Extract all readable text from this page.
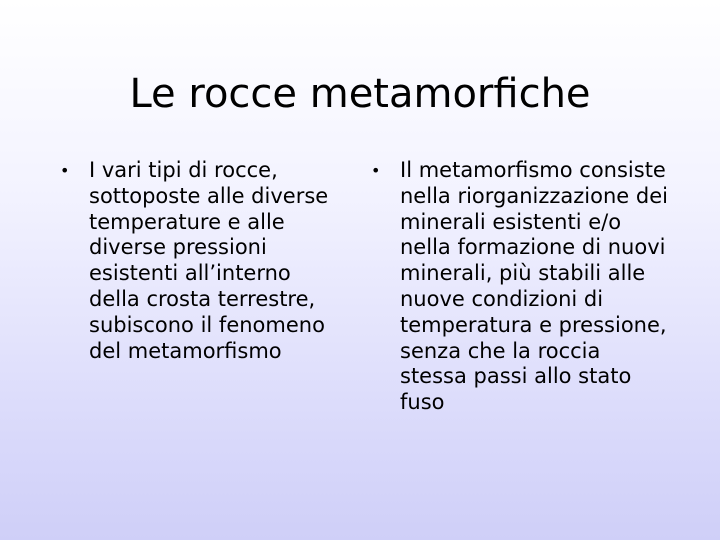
Le rocce metamorfiche
• I vari tipi di rocce, sottoposte alle diverse temperature e alle diverse pressioni esistenti all’interno della crosta terrestre, subiscono il fenomeno del metamorfismo
• Il metamorfismo consiste nella riorganizzazione dei minerali esistenti e/o nella formazione di nuovi minerali, più stabili alle nuove condizioni di temperatura e pressione, senza che la roccia stessa passi allo stato fuso
